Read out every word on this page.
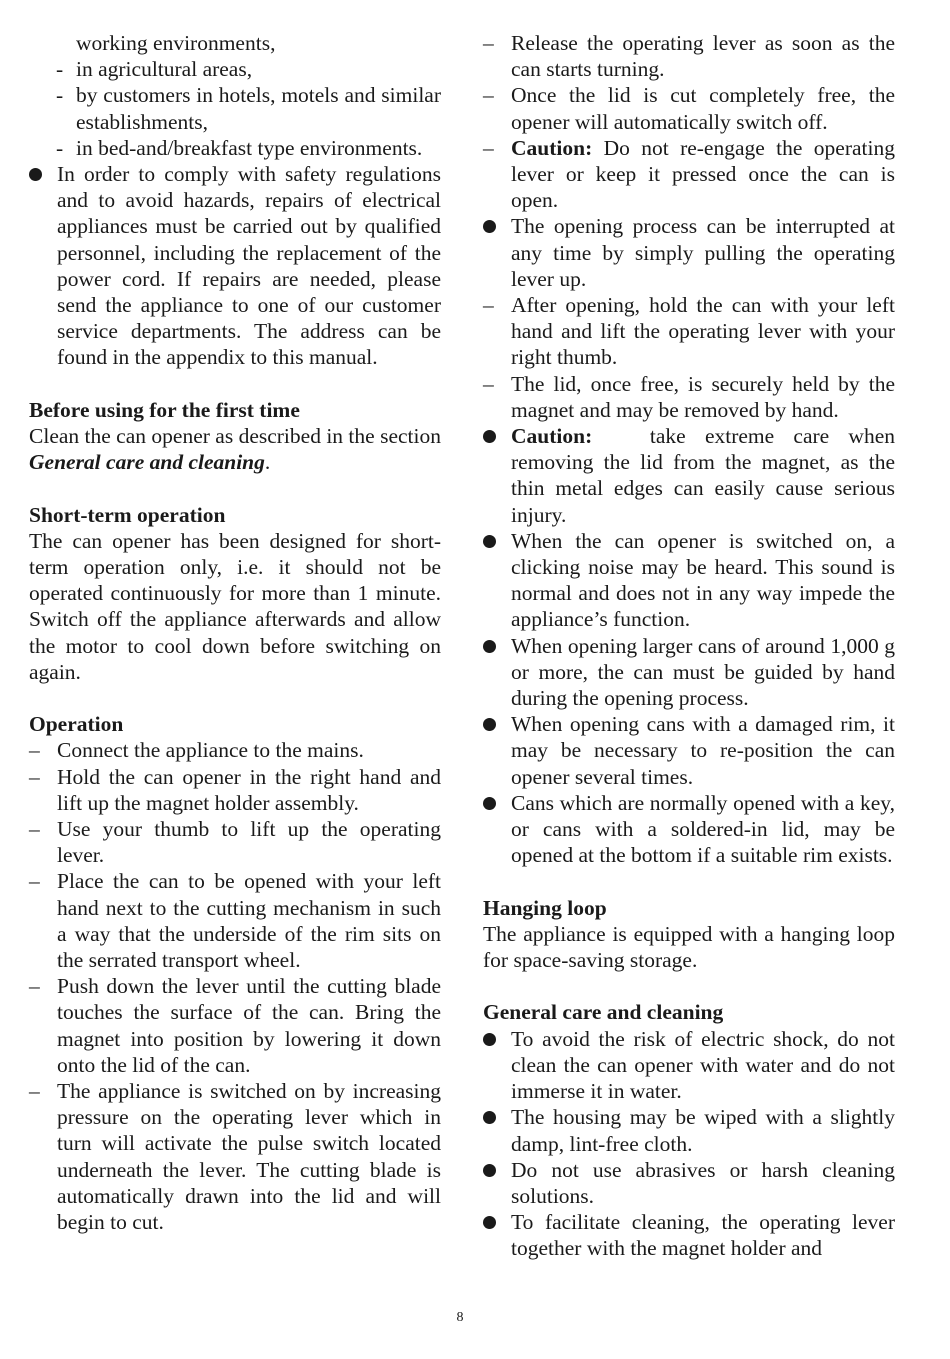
working environments,

- in agricultural areas,

- by customers in hotels, motels and similar establishments,

- in bed-and/breakfast type environments.

In order to comply with safety regulations and to avoid hazards, repairs of electrical appliances must be carried out by qualified personnel, including the replacement of the power cord. If repairs are needed, please send the appliance to one of our customer service departments. The address can be found in the appendix to this manual.

Before using for the first time

Clean the can opener as described in the section General care and cleaning.

Short-term operation

The can opener has been designed for short-term operation only, i.e. it should not be operated continuously for more than 1 minute. Switch off the appliance afterwards and allow the motor to cool down before switching on again.

Operation

– Connect the appliance to the mains.

– Hold the can opener in the right hand and lift up the magnet holder assembly.

– Use your thumb to lift up the operating lever.

– Place the can to be opened with your left hand next to the cutting mechanism in such a way that the underside of the rim sits on the serrated transport wheel.

– Push down the lever until the cutting blade touches the surface of the can. Bring the magnet into position by lowering it down onto the lid of the can.

– The appliance is switched on by increasing pressure on the operating lever which in turn will activate the pulse switch located underneath the lever. The cutting blade is automatically drawn into the lid and will begin to cut.

– Release the operating lever as soon as the can starts turning.

– Once the lid is cut completely free, the opener will automatically switch off.

– Caution: Do not re-engage the operating lever or keep it pressed once the can is open.

The opening process can be interrupted at any time by simply pulling the operating lever up.

– After opening, hold the can with your left hand and lift the operating lever with your right thumb.

– The lid, once free, is securely held by the magnet and may be removed by hand.

Caution:   take extreme care when removing the lid from the magnet, as the thin metal edges can easily cause serious injury.

When the can opener is switched on, a clicking noise may be heard. This sound is normal and does not in any way impede the appliance’s function.

When opening larger cans of around 1,000 g or more, the can must be guided by hand during the opening process.

When opening cans with a damaged rim, it may be necessary to re-position the can opener several times.

Cans which are normally opened with a key, or cans with a soldered-in lid, may be opened at the bottom if a suitable rim exists.

Hanging loop

The appliance is equipped with a hanging loop for space-saving storage.

General care and cleaning

To avoid the risk of electric shock, do not clean the can opener with water and do not immerse it in water.

The housing may be wiped with a slightly damp, lint-free cloth.

Do not use abrasives or harsh cleaning solutions.

To facilitate cleaning, the operating lever together with the magnet holder and

8
